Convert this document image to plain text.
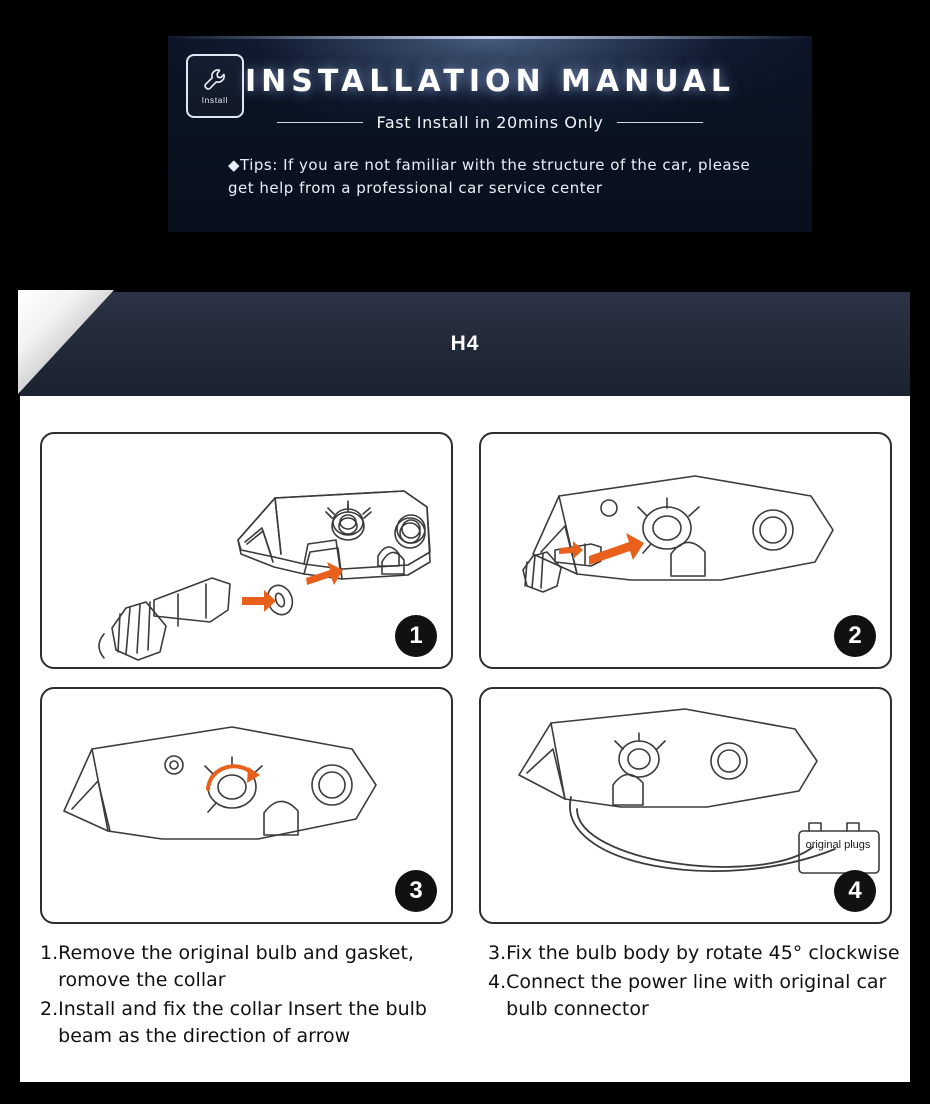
Install
INSTALLATION MANUAL
Fast Install in 20mins Only
◆Tips: If you are not familiar with the structure of the car, please get help from a professional car service center
H4
1	2
3
original plugs
4
1. Remove the original bulb and gasket, romove the collar
2. Install and fix the collar Insert the bulb beam as the direction of arrow
3. Fix the bulb body by rotate 45° clockwise
4. Connect the power line with original car bulb connector
